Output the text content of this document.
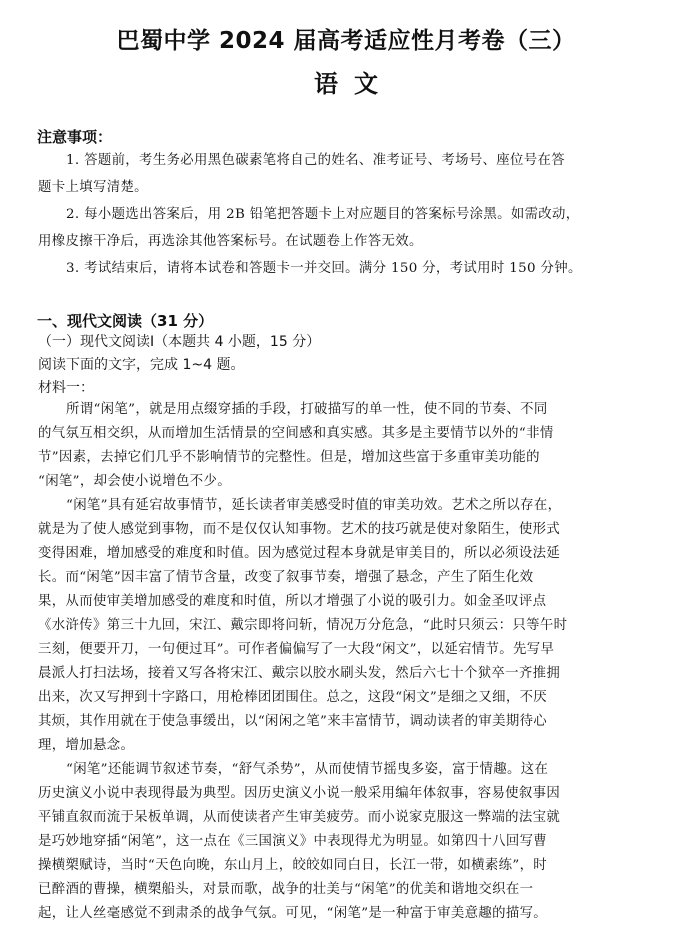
巴蜀中学 2024 届高考适应性月考卷（三）
语文
注意事项：
1. 答题前，考生务必用黑色碳素笔将自己的姓名、准考证号、考场号、座位号在答
题卡上填写清楚。
2. 每小题选出答案后，用 2B 铅笔把答题卡上对应题目的答案标号涂黑。如需改动，
用橡皮擦干净后，再选涂其他答案标号。在试题卷上作答无效。
3. 考试结束后，请将本试卷和答题卡一并交回。满分 150 分，考试用时 150 分钟。
一、现代文阅读（31 分）
（一）现代文阅读Ⅰ（本题共 4 小题，15 分）
阅读下面的文字，完成 1~4 题。
材料一：
所谓“闲笔”，就是用点缀穿插的手段，打破描写的单一性，使不同的节奏、不同
的气氛互相交织，从而增加生活情景的空间感和真实感。其多是主要情节以外的“非情
节”因素，去掉它们几乎不影响情节的完整性。但是，增加这些富于多重审美功能的
“闲笔”，却会使小说增色不少。
“闲笔”具有延宕故事情节，延长读者审美感受时值的审美功效。艺术之所以存在，
就是为了使人感觉到事物，而不是仅仅认知事物。艺术的技巧就是使对象陌生，使形式
变得困难，增加感受的难度和时值。因为感觉过程本身就是审美目的，所以必须设法延
长。而“闲笔”因丰富了情节含量，改变了叙事节奏，增强了悬念，产生了陌生化效
果，从而使审美增加感受的难度和时值，所以才增强了小说的吸引力。如金圣叹评点
《水浒传》第三十九回，宋江、戴宗即将问斩，情况万分危急，“此时只须云：只等午时
三刻，便要开刀，一句便过耳”。可作者偏偏写了一大段“闲文”，以延宕情节。先写早
晨派人打扫法场，接着又写各将宋江、戴宗以胶水刷头发，然后六七十个狱卒一齐推拥
出来，次又写押到十字路口，用枪棒团团围住。总之，这段“闲文”是细之又细，不厌
其烦，其作用就在于使急事缓出，以“闲闲之笔”来丰富情节，调动读者的审美期待心
理，增加悬念。
“闲笔”还能调节叙述节奏，“舒气杀势”，从而使情节摇曳多姿，富于情趣。这在
历史演义小说中表现得最为典型。因历史演义小说一般采用编年体叙事，容易使叙事因
平铺直叙而流于呆板单调，从而使读者产生审美疲劳。而小说家克服这一弊端的法宝就
是巧妙地穿插“闲笔”，这一点在《三国演义》中表现得尤为明显。如第四十八回写曹
操横槊赋诗，当时“天色向晚，东山月上，皎皎如同白日，长江一带，如横素练”，时
已醉酒的曹操，横槊船头，对景而歌，战争的壮美与“闲笔”的优美和谐地交织在一
起，让人丝毫感觉不到肃杀的战争气氛。可见，“闲笔”是一种富于审美意趣的描写。
